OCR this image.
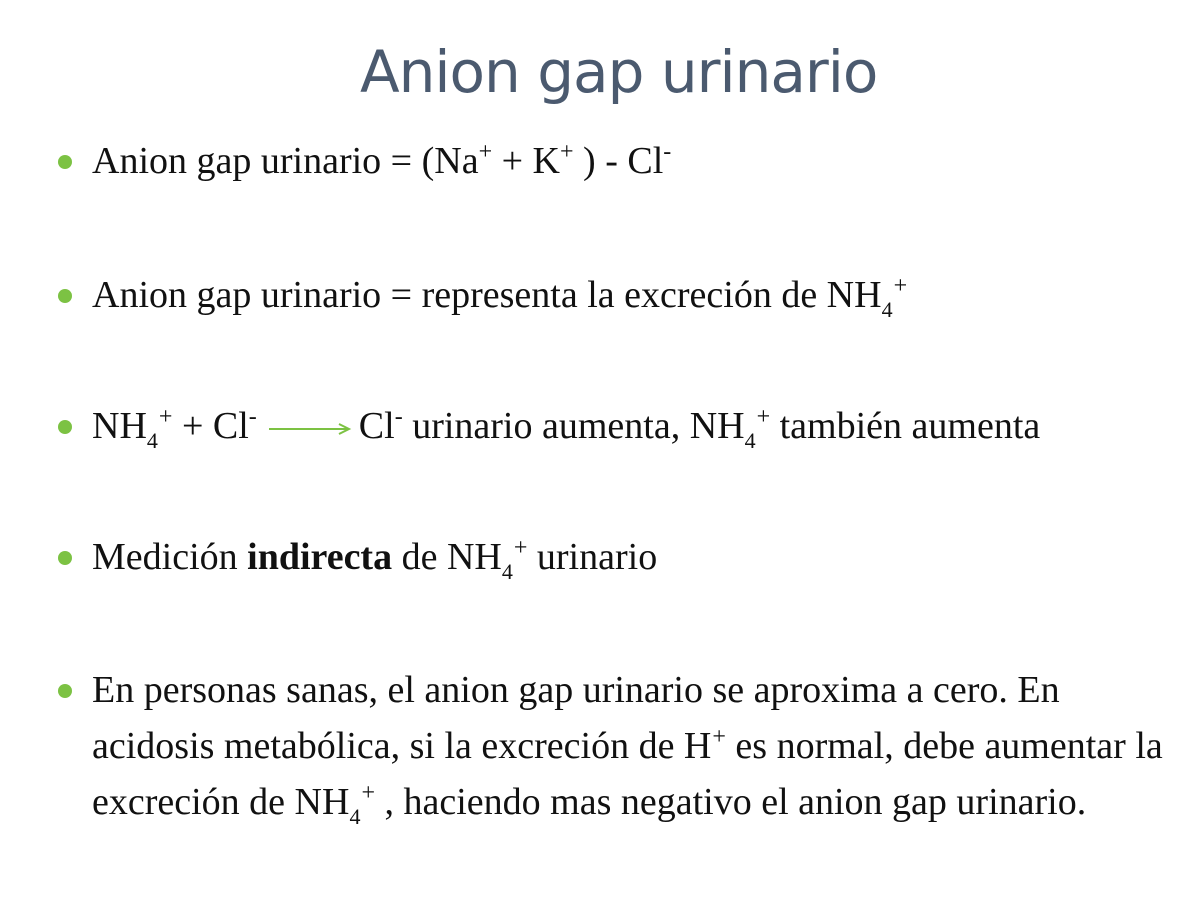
Anion gap urinario
Anion gap urinario = (Na+ + K+ ) - Cl-
Anion gap urinario = representa la excreción de $NH_4^+$
$NH_4^+ + Cl^-$	Cl- urinario aumenta, $NH_4^+$ también aumenta
Medición indirecta de $NH_4^+$ urinario
En personas sanas, el anion gap urinario se aproxima a cero. En acidosis metabólica, si la excreción de H+ es normal, debe aumentar la excreción de $NH_4^+$ , haciendo mas negativo el anion gap urinario.
